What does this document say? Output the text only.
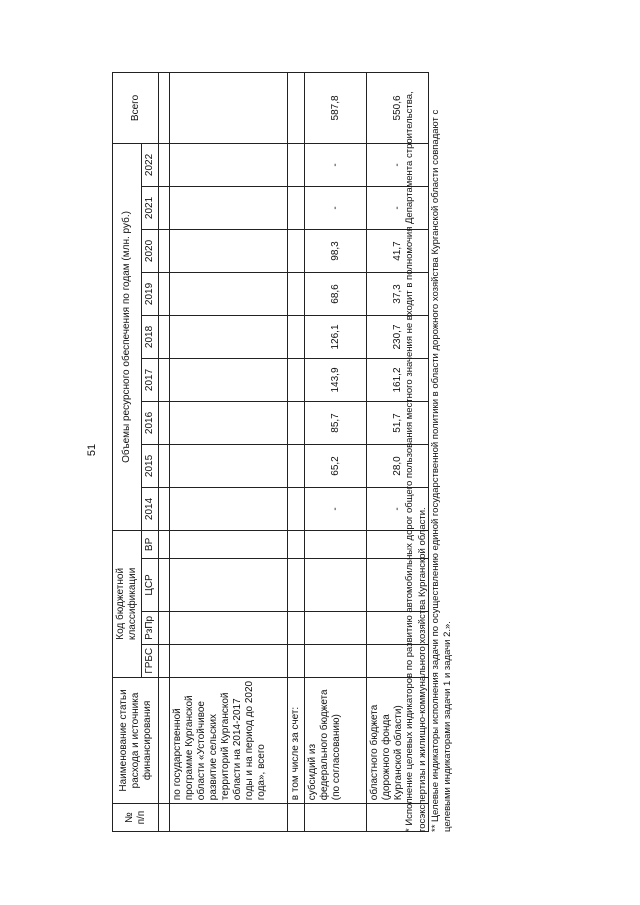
51
№ п/п	Наименование статьи расхода и источника финансирования	Код бюджетной классификации				Объемы ресурсного обеспечения по годам (млн. руб.)									Всего
		ГРБС	РзПр	ЦСР	ВР	2014	2015	2016	2017	2018	2019	2020	2021	2022	

	по государственной программе Курганской области «Устойчивое развитие сельских территорий Курганской области на 2014-2017 годы и на период до 2020 года», всего														
	в том числе за счет:														
	субсидий из федерального бюджета (по согласованию)					-	65,2	85,7	143,9	126,1	68,6	98,3	-	-	587,8
	областного бюджета (дорожного фонда Курганской области)					-	28,0	51,7	161,2	230,7	37,3	41,7	-	-	550,6 * Исполнение целевых индикаторов по развитию автомобильных дорог общего пользования местного значения не входит в полномочия Департамента строительства, госэкспертизы и жилищно-коммунального хозяйства Курганской области. ** Целевые индикаторы исполнения задачи по осуществлению единой государственной политики в области дорожного хозяйства Курганской области совпадают с целевыми индикаторами задачи 1 и задачи 2.».
